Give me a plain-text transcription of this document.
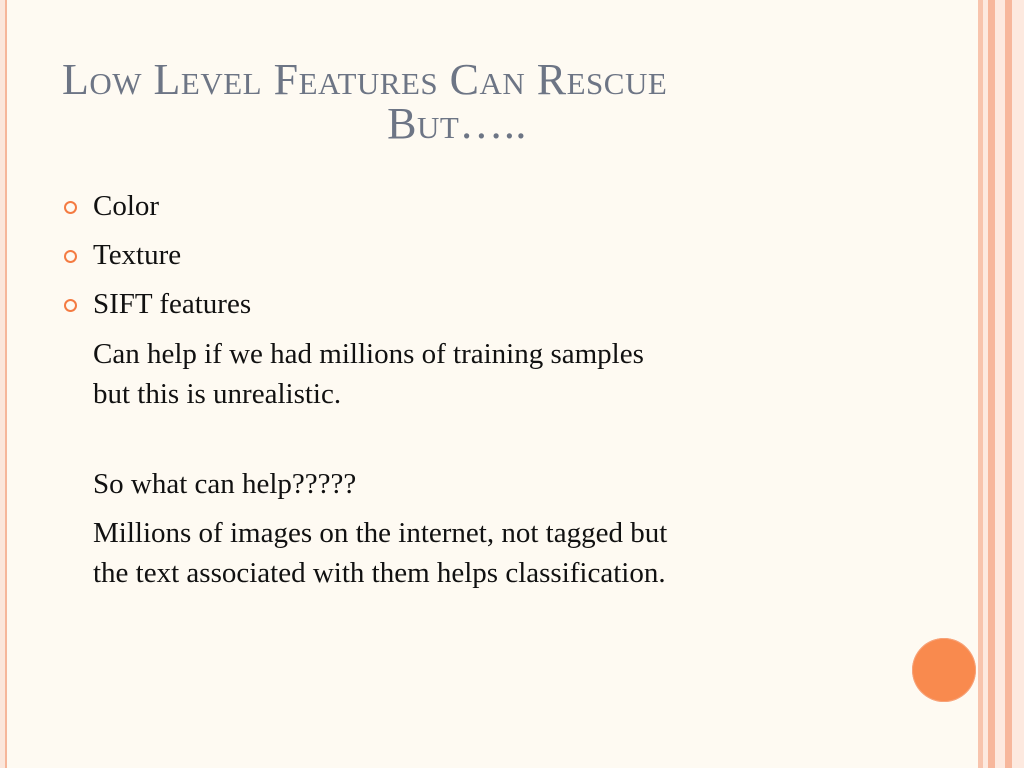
Low Level Features Can Rescue
But…..
Color
Texture
SIFT features

Can help if we had millions of training samples
but this is unrealistic.

So what can help?????

Millions of images on the internet, not tagged but
the text associated with them helps classification.
